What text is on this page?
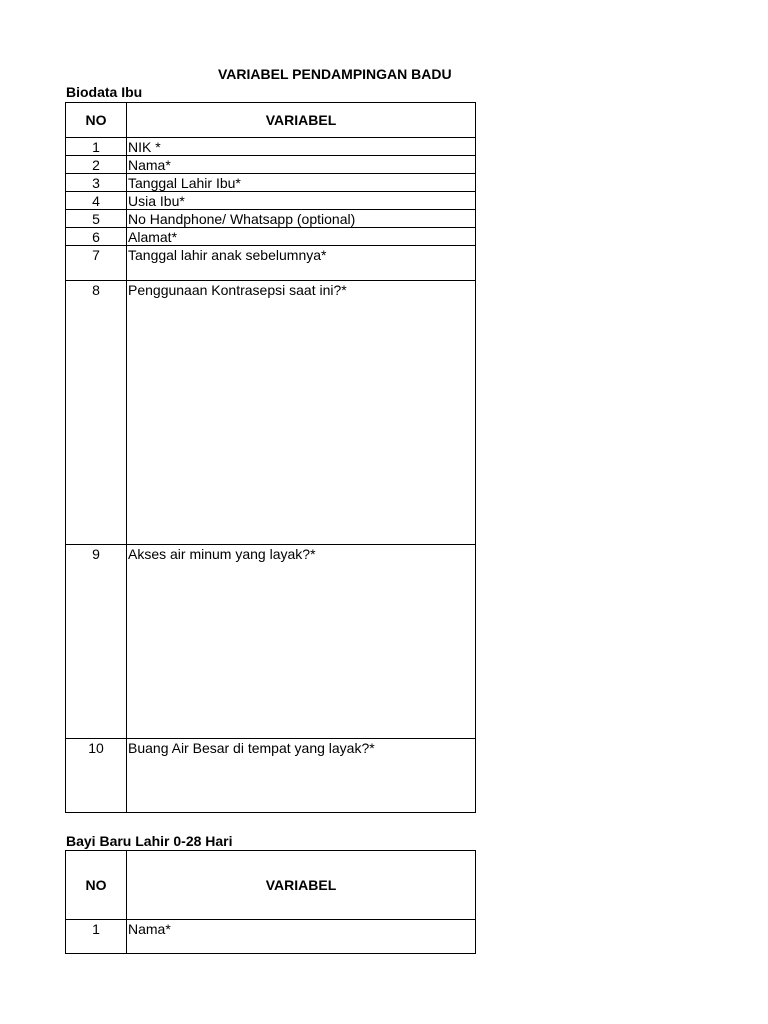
VARIABEL PENDAMPINGAN BADU
Biodata Ibu
NO	VARIABEL
1	NIK *
2	Nama*
3	Tanggal Lahir Ibu*
4	Usia Ibu*
5	No Handphone/ Whatsapp (optional)
6	Alamat*
7	Tanggal lahir anak sebelumnya*
8	Penggunaan Kontrasepsi saat ini?*
9	Akses air minum yang layak?*
10	Buang Air Besar di tempat yang layak?*
Bayi Baru Lahir 0-28 Hari
NO	VARIABEL
1	Nama*
